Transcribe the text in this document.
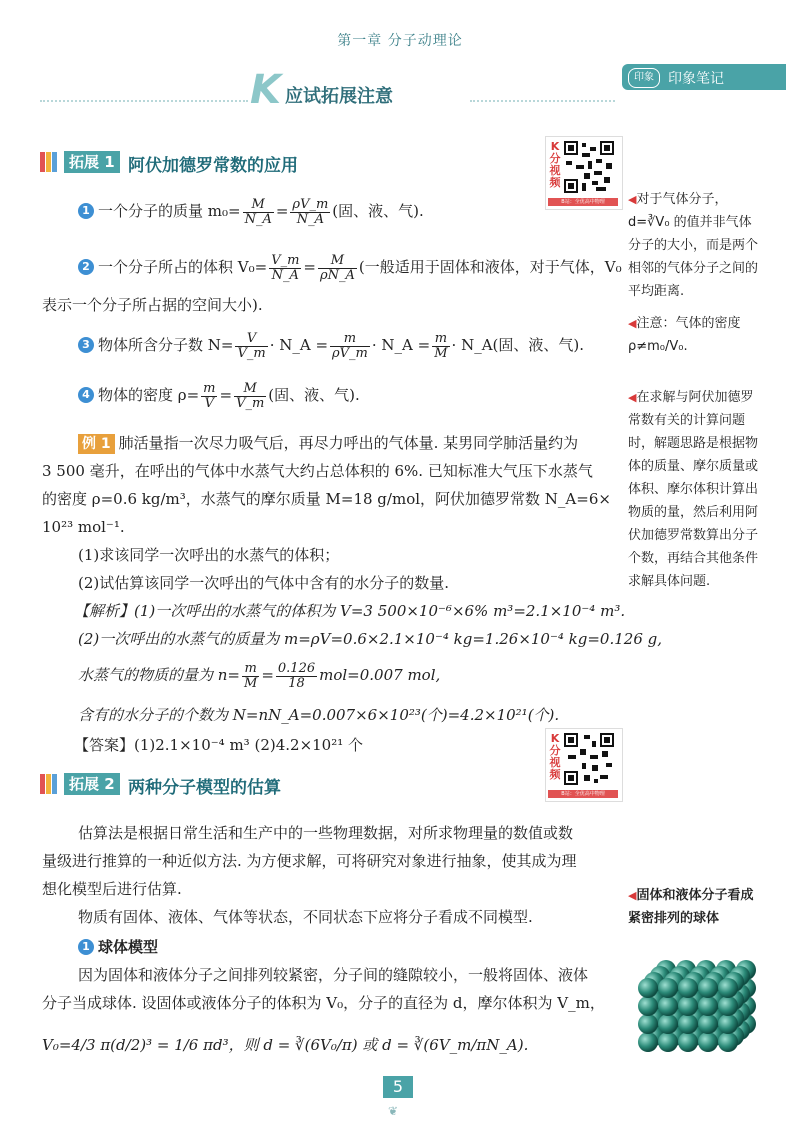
第一章 分子动理论
K 应试拓展注意
印象	印象笔记
拓展 1 阿伏加德罗常数的应用
K
分
视
频
B站：全优高中物理
1 一个分子的质量 $m_0= \frac{M}{N\_A} = \frac{\rho V\_m}{N\_A}$ (固、液、气).
2 一个分子所占的体积 $V_0= \frac{V\_m}{N\_A} = \frac{M}{\rho N\_A}$ (一般适用于固体和液体，对于气体，V₀
表示一个分子所占据的空间大小).
3 物体所含分子数 $N= \frac{V}{V\_m}$ · N_A = $\frac{m}{\rho V\_m}$ · N_A = $\frac{m}{M}$ · N_A(固、液、气).
4 物体的密度 $\rho= \frac{m}{V} = \frac{M}{V\_m}$ (固、液、气).
例 1 肺活量指一次尽力吸气后，再尽力呼出的气体量. 某男同学肺活量约为
3 500 毫升，在呼出的气体中水蒸气大约占总体积的 6%. 已知标准大气压下水蒸气
的密度 ρ=0.6 kg/m³，水蒸气的摩尔质量 M=18 g/mol，阿伏加德罗常数 N_A=6×
10²³ mol⁻¹.
(1)求该同学一次呼出的水蒸气的体积；
(2)试估算该同学一次呼出的气体中含有的水分子的数量.
【解析】(1)一次呼出的水蒸气的体积为 V=3 500×10⁻⁶×6% m³=2.1×10⁻⁴ m³.
(2)一次呼出的水蒸气的质量为 m=ρV=0.6×2.1×10⁻⁴ kg=1.26×10⁻⁴ kg=0.126 g,
水蒸气的物质的量为 $n= \frac{m}{M} = \frac{0.126}{18} mol=0.007$ mol,
含有的水分子的个数为 N=nN_A=0.007×6×10²³(个)=4.2×10²¹(个).
【答案】(1)2.1×10⁻⁴ m³ (2)4.2×10²¹ 个
拓展 2 两种分子模型的估算
K
分
视
频
B站：全优高中物理
估算法是根据日常生活和生产中的一些物理数据，对所求物理量的数值或数
量级进行推算的一种近似方法. 为方便求解，可将研究对象进行抽象，使其成为理
想化模型后进行估算.
物质有固体、液体、气体等状态，不同状态下应将分子看成不同模型.
1 球体模型
因为固体和液体分子之间排列较紧密，分子间的缝隙较小，一般将固体、液体
分子当成球体. 设固体或液体分子的体积为 V₀，分子的直径为 d，摩尔体积为 V_m，
V₀=4/3 π(d/2)³ = 1/6 πd³，则 d = ∛(6V₀/π) 或 d = ∛(6V_m/πN_A).
◀对于气体分子，d=∛V₀ 的值并非气体分子的大小，而是两个相邻的气体分子之间的平均距离.
◀注意：气体的密度 ρ≠m₀/V₀.
◀在求解与阿伏加德罗常数有关的计算问题时，解题思路是根据物体的质量、摩尔质量或体积、摩尔体积计算出物质的量，然后利用阿伏加德罗常数算出分子个数，再结合其他条件求解具体问题.
◀固体和液体分子看成紧密排列的球体
5
❦
